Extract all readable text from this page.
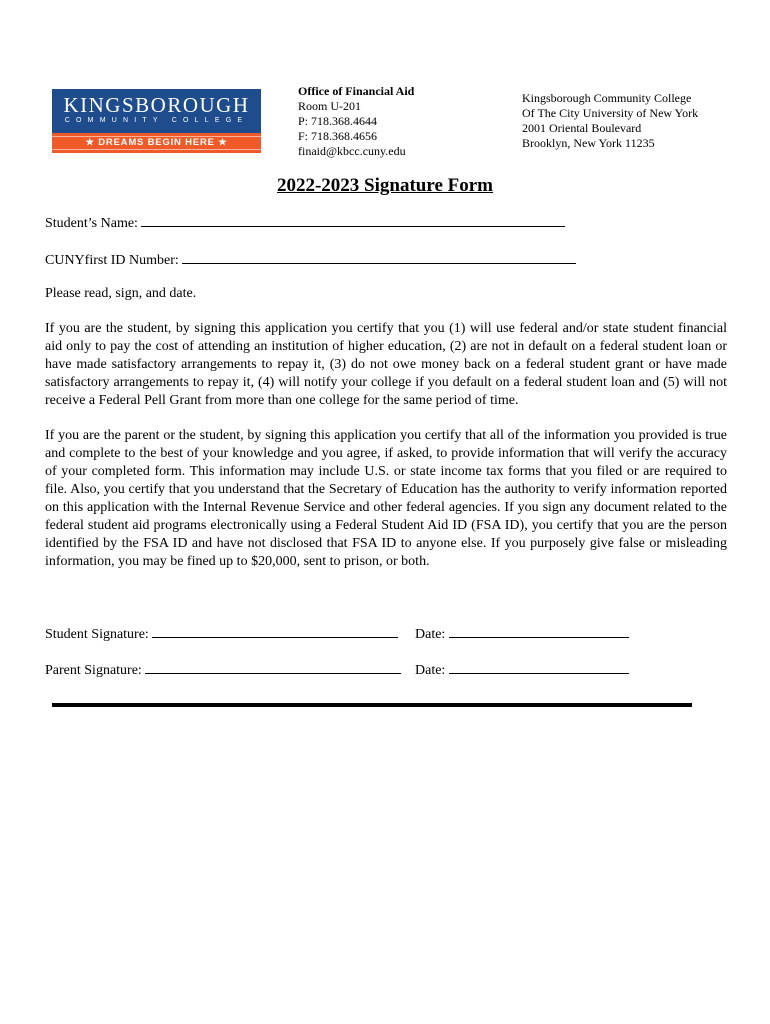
KINGSBOROUGH
COMMUNITY COLLEGE
★ DREAMS BEGIN HERE ★
Office of Financial Aid
Room U-201
P: 718.368.4644
F: 718.368.4656
finaid@kbcc.cuny.edu
Kingsborough Community College
Of The City University of New York
2001 Oriental Boulevard
Brooklyn, New York 11235
2022-2023 Signature Form
Student’s Name:
CUNYfirst ID Number:
Please read, sign, and date.

If you are the student, by signing this application you certify that you (1) will use federal and/or state student financial aid only to pay the cost of attending an institution of higher education, (2) are not in default on a federal student loan or have made satisfactory arrangements to repay it, (3) do not owe money back on a federal student grant or have made satisfactory arrangements to repay it, (4) will notify your college if you default on a federal student loan and (5) will not receive a Federal Pell Grant from more than one college for the same period of time.

If you are the parent or the student, by signing this application you certify that all of the information you provided is true and complete to the best of your knowledge and you agree, if asked, to provide information that will verify the accuracy of your completed form. This information may include U.S. or state income tax forms that you filed or are required to file. Also, you certify that you understand that the Secretary of Education has the authority to verify information reported on this application with the Internal Revenue Service and other federal agencies. If you sign any document related to the federal student aid programs electronically using a Federal Student Aid ID (FSA ID), you certify that you are the person identified by the FSA ID and have not disclosed that FSA ID to anyone else. If you purposely give false or misleading information, you may be fined up to $20,000, sent to prison, or both.

Student Signature:	Date:
Parent Signature:	Date:
